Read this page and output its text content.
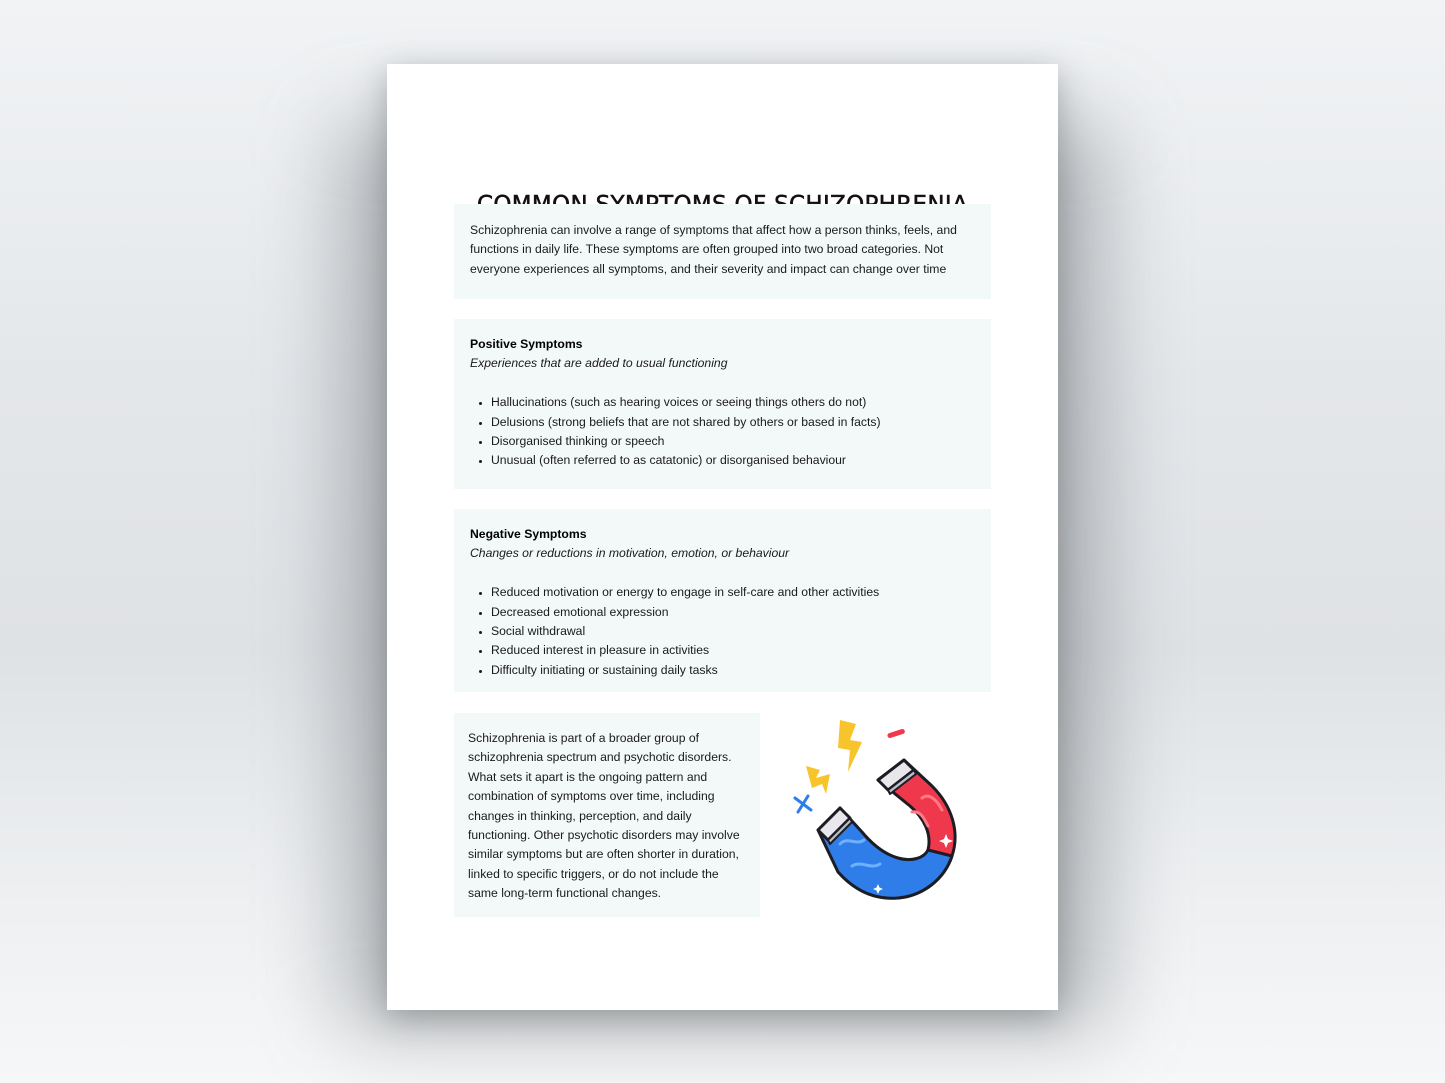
Schizophrenia can involve a range of symptoms that affect how a person thinks, feels, and functions in daily life. These symptoms are often grouped into two broad categories. Not everyone experiences all symptoms, and their severity and impact can change over time

Positive Symptoms

Experiences that are added to usual functioning

• Hallucinations (such as hearing voices or seeing things others do not)
• Delusions (strong beliefs that are not shared by others or based in facts)
• Disorganised thinking or speech
• Unusual (often referred to as catatonic) or disorganised behaviour

Negative Symptoms

Changes or reductions in motivation, emotion, or behaviour

• Reduced motivation or energy to engage in self-care and other activities
• Decreased emotional expression
• Social withdrawal
• Reduced interest in pleasure in activities
• Difficulty initiating or sustaining daily tasks

Schizophrenia is part of a broader group of schizophrenia spectrum and psychotic disorders. What sets it apart is the ongoing pattern and combination of symptoms over time, including changes in thinking, perception, and daily functioning. Other psychotic disorders may involve similar symptoms but are often shorter in duration, linked to specific triggers, or do not include the same long-term functional changes.
